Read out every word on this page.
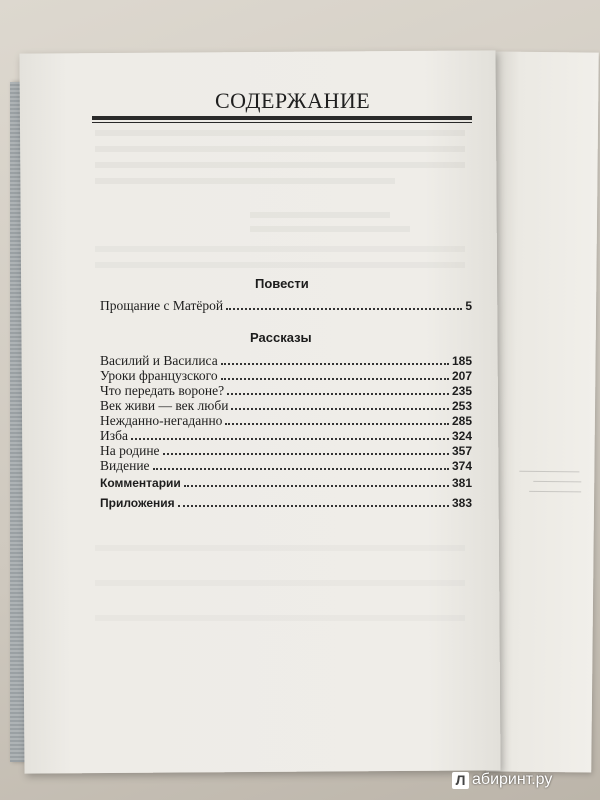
СОДЕРЖАНИЕ
Повести
Прощание с Матёрой	5
Рассказы
Василий и Василиса	185
Уроки французского	207
Что передать вороне?	235
Век живи — век люби	253
Нежданно-негаданно	285
Изба	324
На родине	357
Видение	374
Комментарии	381
Приложения	383
Л абиринт.ру
